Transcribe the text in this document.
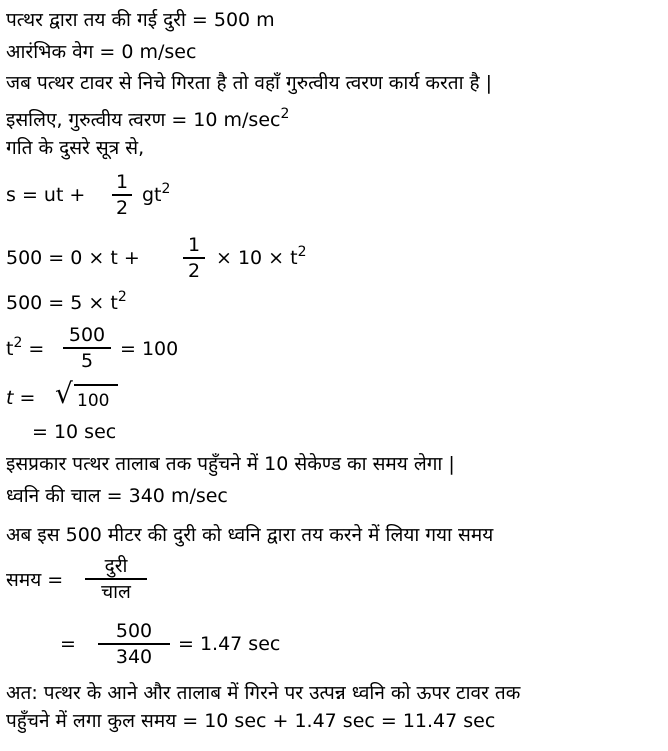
पत्थर द्वारा तय की गई दुरी = 500 m
आरंभिक वेग = 0 m/sec
जब पत्थर टावर से निचे गिरता है तो वहाँ गुरुत्वीय त्वरण कार्य करता है |
इसलिए, गुरुत्वीय त्वरण = 10 $m/\sec^2$
गति के दुसरे सूत्र से,
s = ut +
1
2
$gt^2$
500 = 0 × t +
1
2
× $10 \times t^2$
$500 = 5 \times t^2$
$t^2$ =
500
5
= 100
t = √ 100
= 10 sec
इसप्रकार पत्थर तालाब तक पहुँचने में 10 सेकेण्ड का समय लेगा |
ध्वनि की चाल = 340 m/sec
अब इस 500 मीटर की दुरी को ध्वनि द्वारा तय करने में लिया गया समय
समय =
दुरी
चाल
=
500
340
= 1.47 sec
अत: पत्थर के आने और तालाब में गिरने पर उत्पन्न ध्वनि को ऊपर टावर तक
पहुँचने में लगा कुल समय = 10 sec + 1.47 sec = 11.47 sec
